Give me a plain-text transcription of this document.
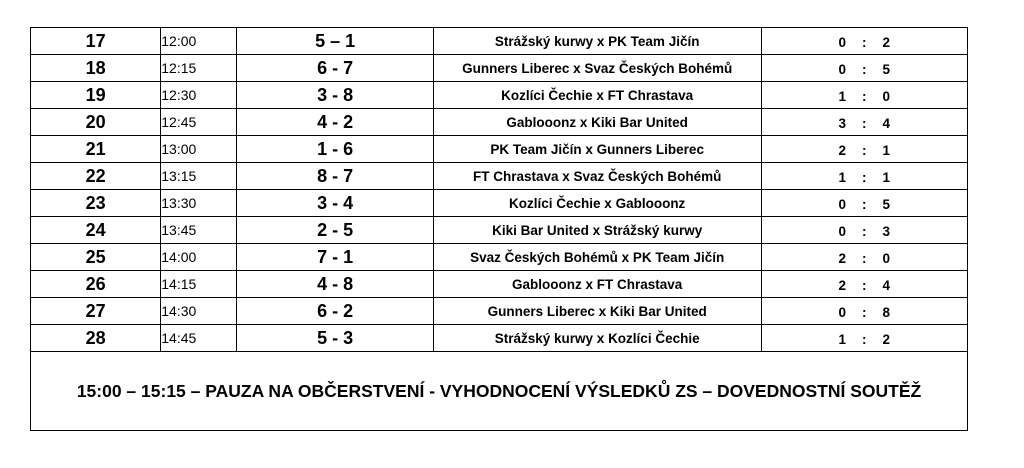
17	12:00	5 – 1	Strážský kurwy x PK Team Jičín	0 : 2

18	12:15	6 - 7	Gunners Liberec x Svaz Českých Bohémů	0 : 5

19	12:30	3 - 8	Kozlíci Čechie x FT Chrastava	1 : 0

20	12:45	4 - 2	Gablooonz x Kiki Bar United	3 : 4

21	13:00	1 - 6	PK Team Jičín x Gunners Liberec	2 : 1

22	13:15	8 - 7	FT Chrastava x Svaz Českých Bohémů	1 : 1

23	13:30	3 - 4	Kozlíci Čechie x Gablooonz	0 : 5

24	13:45	2 - 5	Kiki Bar United x Strážský kurwy	0 : 3

25	14:00	7 - 1	Svaz Českých Bohémů x PK Team Jičín	2 : 0

26	14:15	4 - 8	Gablooonz x FT Chrastava	2 : 4

27	14:30	6 - 2	Gunners Liberec x Kiki Bar United	0 : 8

28	14:45	5 - 3	Strážský kurwy x Kozlíci Čechie	1 : 2
15:00 – 15:15 – PAUZA NA OBČERSTVENÍ - VYHODNOCENÍ VÝSLEDKŮ ZS – DOVEDNOSTNÍ SOUTĚŽ
